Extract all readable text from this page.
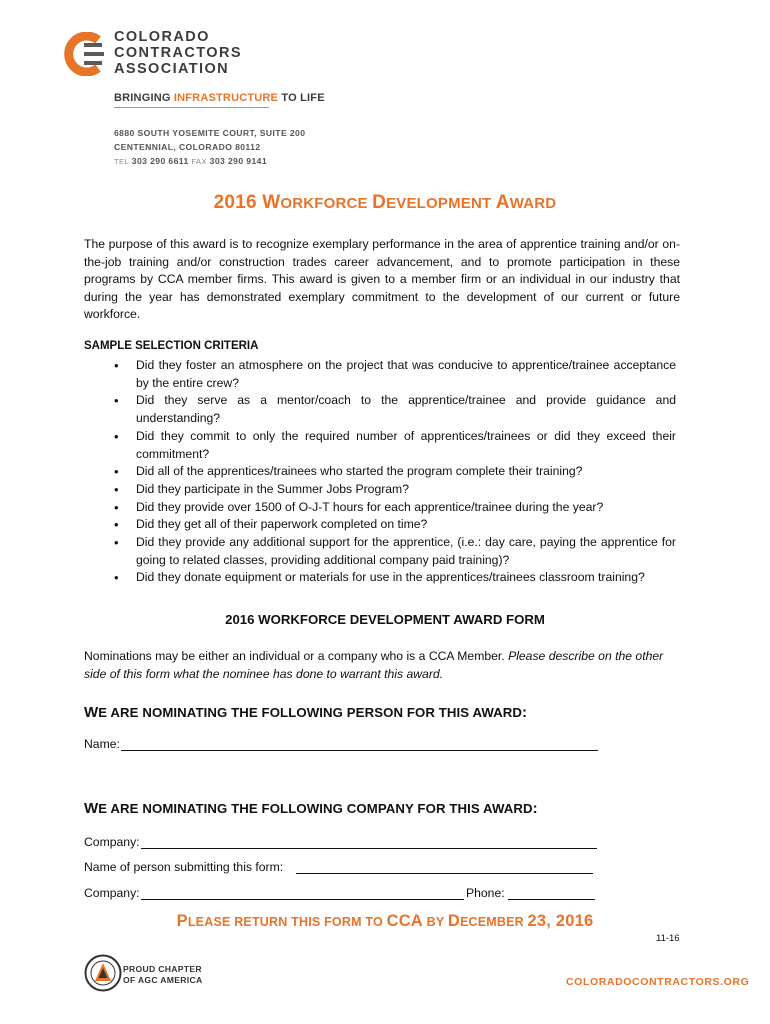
COLORADO
CONTRACTORS
ASSOCIATION
BRINGING INFRASTRUCTURE TO LIFE
6880 SOUTH YOSEMITE COURT, SUITE 200
CENTENNIAL, COLORADO 80112
TEL 303 290 6611 FAX 303 290 9141
2016 WORKFORCE DEVELOPMENT AWARD
The purpose of this award is to recognize exemplary performance in the area of apprentice training and/or on-the-job training and/or construction trades career advancement, and to promote participation in these programs by CCA member firms. This award is given to a member firm or an individual in our industry that during the year has demonstrated exemplary commitment to the development of our current or future workforce.
SAMPLE SELECTION CRITERIA
• Did they foster an atmosphere on the project that was conducive to apprentice/trainee acceptance by the entire crew?
• Did they serve as a mentor/coach to the apprentice/trainee and provide guidance and understanding?
• Did they commit to only the required number of apprentices/trainees or did they exceed their commitment?
• Did all of the apprentices/trainees who started the program complete their training?
• Did they participate in the Summer Jobs Program?
• Did they provide over 1500 of O-J-T hours for each apprentice/trainee during the year?
• Did they get all of their paperwork completed on time?
• Did they provide any additional support for the apprentice, (i.e.: day care, paying the apprentice for going to related classes, providing additional company paid training)?
• Did they donate equipment or materials for use in the apprentices/trainees classroom training?
2016 WORKFORCE DEVELOPMENT AWARD FORM
Nominations may be either an individual or a company who is a CCA Member. Please describe on the other side of this form what the nominee has done to warrant this award.
WE ARE NOMINATING THE FOLLOWING PERSON FOR THIS AWARD:
Name:
WE ARE NOMINATING THE FOLLOWING COMPANY FOR THIS AWARD:
Company:
Name of person submitting this form:
Company:	Phone:
PLEASE RETURN THIS FORM TO CCA BY DECEMBER 23, 2016
11-16
PROUD CHAPTER
OF AGC AMERICA	COLORADOCONTRACTORS.ORG
